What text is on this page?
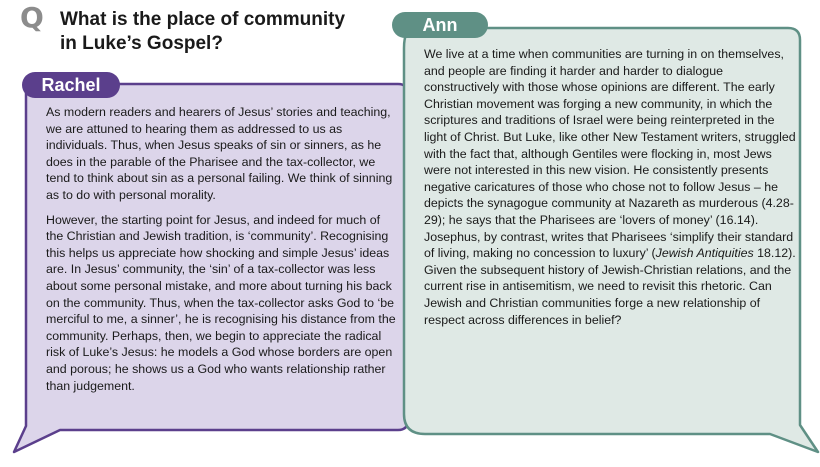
Q What is the place of community
in Luke’s Gospel?
Rachel
Ann

As modern readers and hearers of Jesus’ stories and teaching, we are attuned to hearing them as addressed to us as individuals. Thus, when Jesus speaks of sin or sinners, as he does in the parable of the Pharisee and the tax-collector, we tend to think about sin as a personal failing. We think of sinning as to do with personal morality.

However, the starting point for Jesus, and indeed for much of the Christian and Jewish tradition, is ‘community’. Recognising this helps us appreciate how shocking and simple Jesus’ ideas are. In Jesus’ community, the ‘sin’ of a tax-collector was less about some personal mistake, and more about turning his back on the community. Thus, when the tax-collector asks God to ‘be merciful to me, a sinner’, he is recognising his distance from the community. Perhaps, then, we begin to appreciate the radical risk of Luke’s Jesus: he models a God whose borders are open and porous; he shows us a God who wants relationship rather than judgement.

We live at a time when communities are turning in on themselves, and people are finding it harder and harder to dialogue constructively with those whose opinions are different. The early Christian movement was forging a new community, in which the scriptures and traditions of Israel were being reinterpreted in the light of Christ. But Luke, like other New Testament writers, struggled with the fact that, although Gentiles were flocking in, most Jews were not interested in this new vision. He consistently presents negative caricatures of those who chose not to follow Jesus – he depicts the synagogue community at Nazareth as murderous (4.28-29); he says that the Pharisees are ‘lovers of money’ (16.14). Josephus, by contrast, writes that Pharisees ‘simplify their standard of living, making no concession to luxury’ (Jewish Antiquities 18.12). Given the subsequent history of Jewish-Christian relations, and the current rise in antisemitism, we need to revisit this rhetoric. Can Jewish and Christian communities forge a new relationship of respect across differences in belief?
